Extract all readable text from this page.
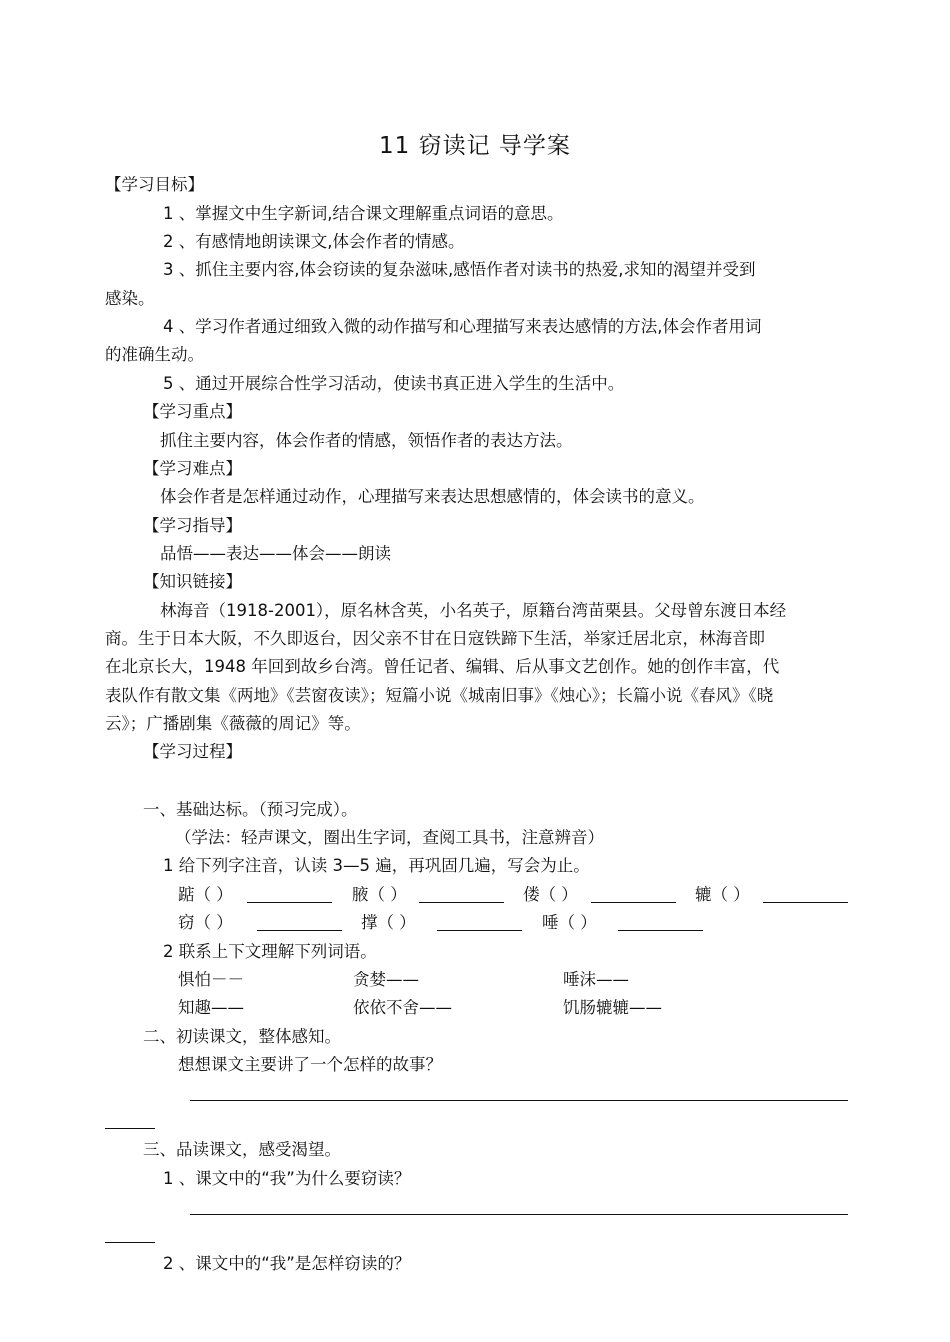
11 窃读记 导学案
【学习目标】
1 、掌握文中生字新词,结合课文理解重点词语的意思。
2 、有感情地朗读课文,体会作者的情感。
3 、抓住主要内容,体会窃读的复杂滋味,感悟作者对读书的热爱,求知的渴望并受到
感染。
4 、学习作者通过细致入微的动作描写和心理描写来表达感情的方法,体会作者用词
的准确生动。
5 、通过开展综合性学习活动，使读书真正进入学生的生活中。
【学习重点】
抓住主要内容，体会作者的情感，领悟作者的表达方法。
【学习难点】
体会作者是怎样通过动作，心理描写来表达思想感情的，体会读书的意义。
【学习指导】
品悟——表达——体会——朗读
【知识链接】
林海音（1918-2001），原名林含英，小名英子，原籍台湾苗栗县。父母曾东渡日本经
商。生于日本大阪，不久即返台，因父亲不甘在日寇铁蹄下生活，举家迁居北京，林海音即
在北京长大，1948 年回到故乡台湾。曾任记者、编辑、后从事文艺创作。她的创作丰富，代
表队作有散文集《两地》《芸窗夜读》；短篇小说《城南旧事》《烛心》；长篇小说《春风》《晓
云》；广播剧集《薇薇的周记》等。
【学习过程】
一、基础达标。（预习完成）。
（学法：轻声课文，圈出生字词，查阅工具书，注意辨音）
1 给下列字注音，认读 3—5 遍，再巩固几遍，写会为止。
踮（ ）	腋（ ）	偻（ ）	辘（ ）
窃（ ）	撑（ ）	唾（ ）
2 联系上下文理解下列词语。
惧怕－－	贪婪——	唾沫——
知趣——	依依不舍——	饥肠辘辘——
二、初读课文，整体感知。
想想课文主要讲了一个怎样的故事？
三、品读课文，感受渴望。
1 、课文中的“我”为什么要窃读？
2 、课文中的“我”是怎样窃读的？
